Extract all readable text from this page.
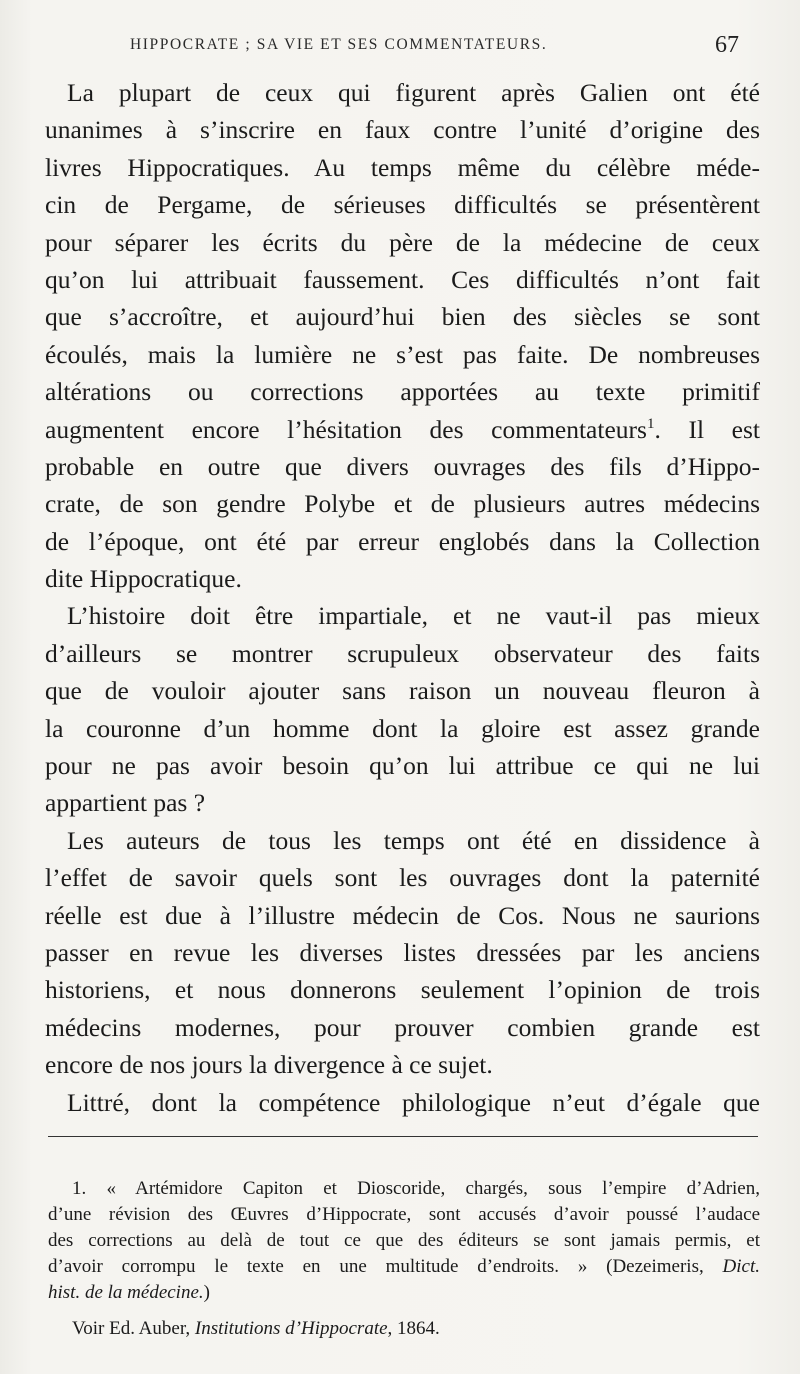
HIPPOCRATE ; SA VIE ET SES COMMENTATEURS.	67
La plupart de ceux qui figurent après Galien ont été
unanimes à s’inscrire en faux contre l’unité d’origine des
livres Hippocratiques. Au temps même du célèbre méde-
cin de Pergame, de sérieuses difficultés se présentèrent
pour séparer les écrits du père de la médecine de ceux
qu’on lui attribuait faussement. Ces difficultés n’ont fait
que s’accroître, et aujourd’hui bien des siècles se sont
écoulés, mais la lumière ne s’est pas faite. De nombreuses
altérations ou corrections apportées au texte primitif
augmentent encore l’hésitation des commentateurs$^1$. Il est
probable en outre que divers ouvrages des fils d’Hippo-
crate, de son gendre Polybe et de plusieurs autres médecins
de l’époque, ont été par erreur englobés dans la Collection
dite Hippocratique.
L’histoire doit être impartiale, et ne vaut-il pas mieux
d’ailleurs se montrer scrupuleux observateur des faits
que de vouloir ajouter sans raison un nouveau fleuron à
la couronne d’un homme dont la gloire est assez grande
pour ne pas avoir besoin qu’on lui attribue ce qui ne lui
appartient pas ?
Les auteurs de tous les temps ont été en dissidence à
l’effet de savoir quels sont les ouvrages dont la paternité
réelle est due à l’illustre médecin de Cos. Nous ne saurions
passer en revue les diverses listes dressées par les anciens
historiens, et nous donnerons seulement l’opinion de trois
médecins modernes, pour prouver combien grande est
encore de nos jours la divergence à ce sujet.
Littré, dont la compétence philologique n’eut d’égale que
1. « Artémidore Capiton et Dioscoride, chargés, sous l’empire d’Adrien,
d’une révision des Œuvres d’Hippocrate, sont accusés d’avoir poussé l’audace
des corrections au delà de tout ce que des éditeurs se sont jamais permis, et
d’avoir corrompu le texte en une multitude d’endroits. » (Dezeimeris, Dict.
hist. de la médecine.)
Voir Ed. Auber, Institutions d’Hippocrate, 1864.
